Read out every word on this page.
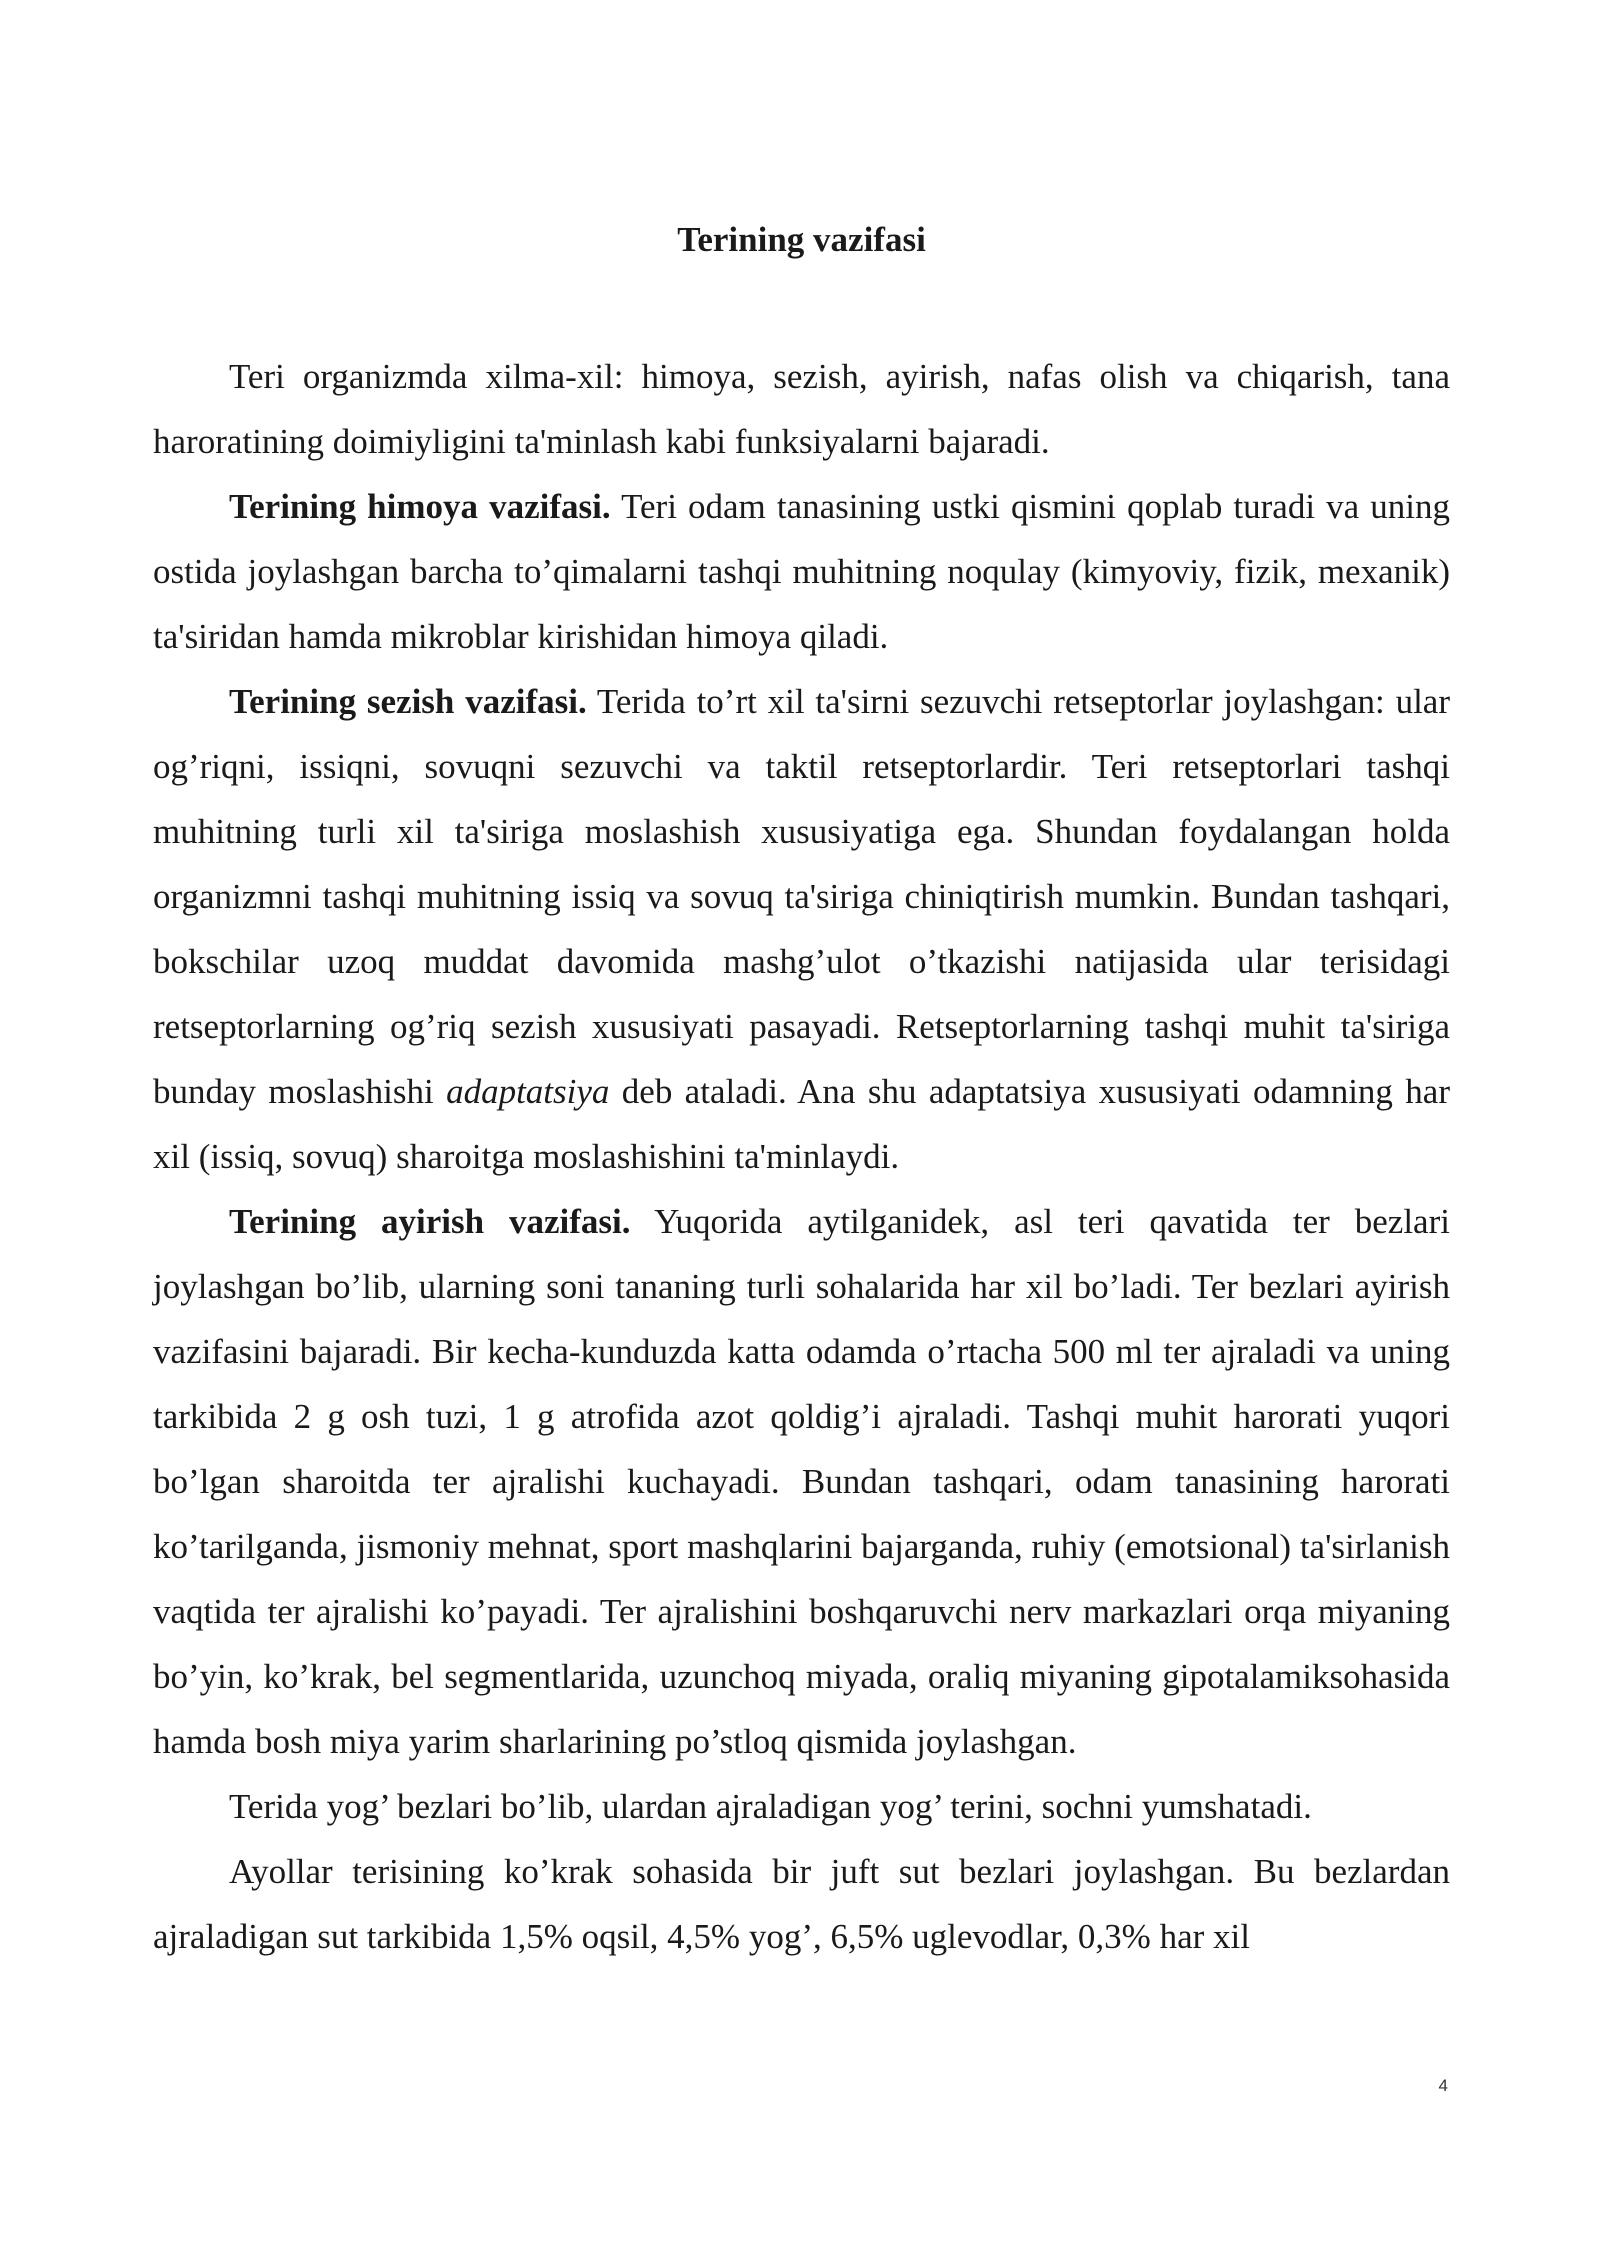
Terining vazifasi

Teri organizmda xilma-xil: himoya, sezish, ayirish, nafas olish va chiqarish, tana haroratining doimiyligini ta'minlash kabi funksiyalarni bajaradi.

Terining himoya vazifasi. Teri odam tanasining ustki qismini qoplab turadi va uning ostida joylashgan barcha to’qimalarni tashqi muhitning noqulay (kimyoviy, fizik, mexanik) ta'siridan hamda mikroblar kirishidan himoya qiladi.

Terining sezish vazifasi. Terida to’rt xil ta'sirni sezuvchi retseptorlar joylashgan: ular og’riqni, issiqni, sovuqni sezuvchi va taktil retseptorlardir. Teri retseptorlari tashqi muhitning turli xil ta'siriga moslashish xususiyatiga ega. Shundan foydalangan holda organizmni tashqi muhitning issiq va sovuq ta'siriga chiniqtirish mumkin. Bundan tashqari, bokschilar uzoq muddat davomida mashg’ulot o’tkazishi natijasida ular terisidagi retseptorlarning og’riq sezish xususiyati pasayadi. Retseptorlarning tashqi muhit ta'siriga bunday moslashishi adaptatsiya deb ataladi. Ana shu adaptatsiya xususiyati odamning har xil (issiq, sovuq) sharoitga moslashishini ta'minlaydi.

Terining ayirish vazifasi. Yuqorida aytilganidek, asl teri qavatida ter bezlari joylashgan bo’lib, ularning soni tananing turli sohalarida har xil bo’ladi. Ter bezlari ayirish vazifasini bajaradi. Bir kecha-kunduzda katta odamda o’rtacha 500 ml ter ajraladi va uning tarkibida 2 g osh tuzi, 1 g atrofida azot qoldig’i ajraladi. Tashqi muhit harorati yuqori bo’lgan sharoitda ter ajralishi kuchayadi. Bundan tashqari, odam tanasining harorati ko’tarilganda, jismoniy mehnat, sport mashqlarini bajarganda, ruhiy (emotsional) ta'sirlanish vaqtida ter ajralishi ko’payadi. Ter ajralishini boshqaruvchi nerv markazlari orqa miyaning bo’yin, ko’krak, bel segmentlarida, uzunchoq miyada, oraliq miyaning gipotalamiksohasida hamda bosh miya yarim sharlarining po’stloq qismida joylashgan.

Terida yog’ bezlari bo’lib, ulardan ajraladigan yog’ terini, sochni yumshatadi.

Ayollar terisining ko’krak sohasida bir juft sut bezlari joylashgan. Bu bezlardan ajraladigan sut tarkibida 1,5% oqsil, 4,5% yog’, 6,5% uglevodlar, 0,3% har xil

4
